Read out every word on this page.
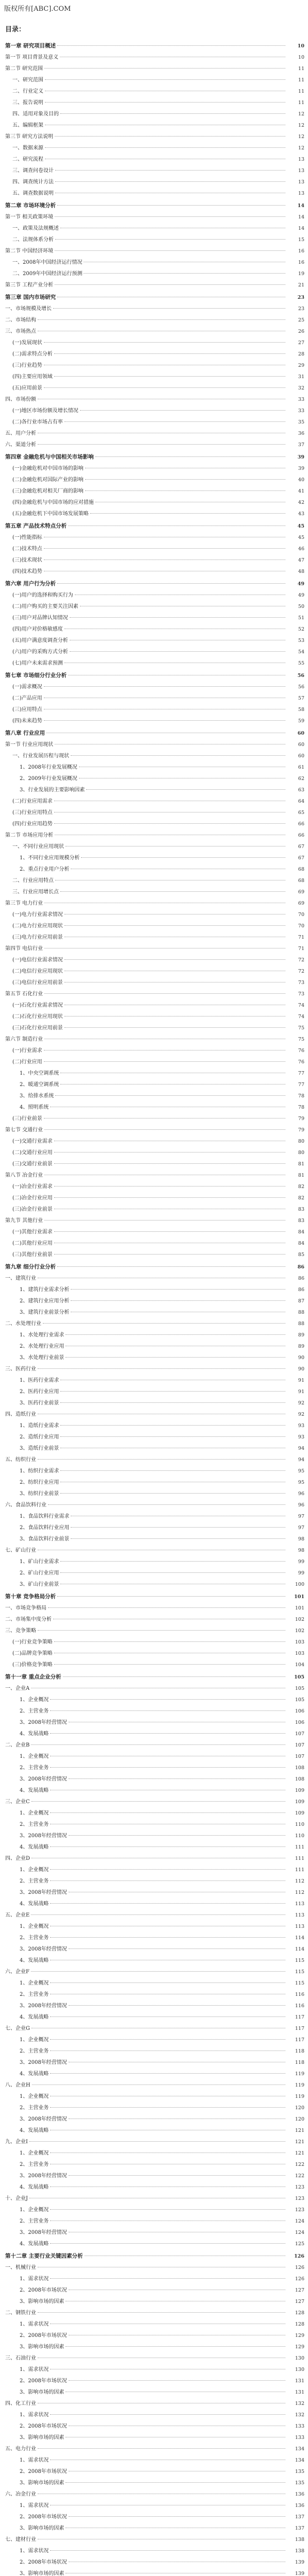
版权所有[ABC].COM
目录：
第一章 研究项目概述	10
第一节 项目背景及意义	10
第二节 研究范围	11
一、研究范围	11
二、行业定义	11
三、报告说明	11
四、适用对象及目的	12
五、编辑框架	12
第三节 研究方法说明	12
一、数据来源	12
二、研究流程	13
三、调查问卷设计	13
四、调查统计方法	13
五、调查数据说明	13
第二章 市场环境分析	14
第一节 相关政策环境	14
一、政策及法规概述	14
二、法规体系分析	15
第二节 中国经济环境	16
一、2008年中国经济运行情况	16
二、2009年中国经济运行预测	19
第三节 工程产业分析	21
第三章 国内市场研究	23
一、市场规模及增长	23
二、市场结构	25
三、市场热点	26
(一)发展现状	27
(二)需求特点分析	28
(三)行业趋势	29
(四)主要应用领域	31
(五)应用前景	32
四、市场份额	33
(一)地区市场份额及增长情况	33
(二)各行业市场占有率	35
五、用户分析	36
六、渠道分析	37
第四章 金融危机与中国相关市场影响	39
(一)金融危机对中国市场的影响	39
(二)金融危机对国际产业的影响	40
(三)金融危机对相关厂商的影响	41
(四)金融危机与中国市场的应对措施	42
(五)金融危机下中国市场发展策略	43
第五章 产品技术特点分析	45
(一)性能指标	45
(二)技术特点	46
(三)技术现状	47
(四)技术趋势	48
第六章 用户行为分析	49
(一)用户的选择和购买行为	49
(二)用户购买的主要关注因素	50
(三)用户对品牌认知情况	51
(四)用户对价格敏感度	52
(五)用户满意度调查分析	53
(六)用户的采购方式分析	54
(七)用户未来需求预测	55
第七章 市场细分行业分析	56
(一)需求概况	56
(二)产品应用	57
(三)应用特点	58
(四)未来趋势	59
第八章 行业应用	60
第一节 行业应用现状	60
一、行业发展历程与现状	60
1、2008年行业发展概况	61
2、2009年行业发展概况	62
3、行业发展的主要影响因素	63
(二)行业应用需求	64
(三)行业应用特点	65
(四)行业应用趋势	66
第二节 市场应用分析	66
一、不同行业应用现状	67
1、不同行业应用规模分析	67
2、重点行业用户分析	68
二、行业应用特点	68
三、行业应用增长点	69
第三节 电力行业	69
(一)电力行业需求情况	70
(二)电力行业应用现状	70
(三)电力行业应用前景	71
第四节 电信行业	71
(一)电信行业需求情况	72
(二)电信行业应用现状	72
(三)电信行业应用前景	73
第五节 石化行业	73
(一)石化行业需求情况	74
(二)石化行业应用现状	74
(三)石化行业应用前景	75
第六节 制造行业	75
(一)行业需求	76
(二)行业应用	76
1、中央空调系统	77
2、暖通空调系统	77
3、给排水系统	78
4、照明系统	78
(三)行业前景	79
第七节 交通行业	79
(一)交通行业需求	80
(二)交通行业应用	80
(三)交通行业前景	81
第八节 冶金行业	81
(一)冶金行业需求	82
(二)冶金行业应用	82
(三)冶金行业前景	83
第九节 其他行业	83
(一)其他行业需求	84
(二)其他行业应用	84
(三)其他行业前景	85
第九章 细分行业分析	86
一、建筑行业	86
1、建筑行业需求分析	86
2、建筑行业应用分析	87
3、建筑行业前景分析	88
二、水处理行业	88
1、水处理行业需求	89
2、水处理行业应用	89
3、水处理行业前景	90
三、医药行业	90
1、医药行业需求	91
2、医药行业应用	91
3、医药行业前景	92
四、造纸行业	92
1、造纸行业需求	93
2、造纸行业应用	93
3、造纸行业前景	94
五、纺织行业	94
1、纺织行业需求	95
2、纺织行业应用	95
3、纺织行业前景	96
六、食品饮料行业	96
1、食品饮料行业需求	97
2、食品饮料行业应用	97
3、食品饮料行业前景	98
七、矿山行业	98
1、矿山行业需求	99
2、矿山行业应用	99
3、矿山行业前景	100
第十章 竞争格局分析	101
一、市场竞争格局	101
二、市场集中度分析	102
三、竞争策略	102
(一)行业竞争策略	103
(二)品牌竞争策略	103
(三)价格竞争策略	104
第十一章 重点企业分析	105
一、企业A	105
1、企业概况	105
2、主营业务	106
3、2008年经营情况	106
4、发展战略	107
二、企业B	107
1、企业概况	107
2、主营业务	108
3、2008年经营情况	108
4、发展战略	109
三、企业C	109
1、企业概况	109
2、主营业务	110
3、2008年经营情况	110
4、发展战略	111
四、企业D	111
1、企业概况	111
2、主营业务	112
3、2008年经营情况	112
4、发展战略	113
五、企业E	113
1、企业概况	113
2、主营业务	114
3、2008年经营情况	114
4、发展战略	115
六、企业F	115
1、企业概况	115
2、主营业务	116
3、2008年经营情况	116
4、发展战略	117
七、企业G	117
1、企业概况	117
2、主营业务	118
3、2008年经营情况	118
4、发展战略	119
八、企业H	119
1、企业概况	119
2、主营业务	120
3、2008年经营情况	120
4、发展战略	121
九、企业I	121
1、企业概况	121
2、主营业务	122
3、2008年经营情况	122
4、发展战略	123
十、企业J	123
1、企业概况	123
2、主营业务	124
3、2008年经营情况	124
4、发展战略	125
第十二章 主要行业关键因素分析	126
一、机械行业	126
1、需求状况	126
2、2008年市场状况	127
3、影响市场的因素	127
二、钢铁行业	128
1、需求状况	128
2、2008年市场状况	129
3、影响市场的因素	129
三、石油行业	130
1、需求状况	130
2、2008年市场状况	131
3、影响市场的因素	131
四、化工行业	132
1、需求状况	132
2、2008年市场状况	133
3、影响市场的因素	133
五、电力行业	134
1、需求状况	134
2、2008年市场状况	135
3、影响市场的因素	135
六、冶金行业	136
1、需求状况	136
2、2008年市场状况	137
3、影响市场的因素	137
七、建材行业	138
1、需求状况	138
2、2008年市场状况	139
3、影响市场的因素	139
